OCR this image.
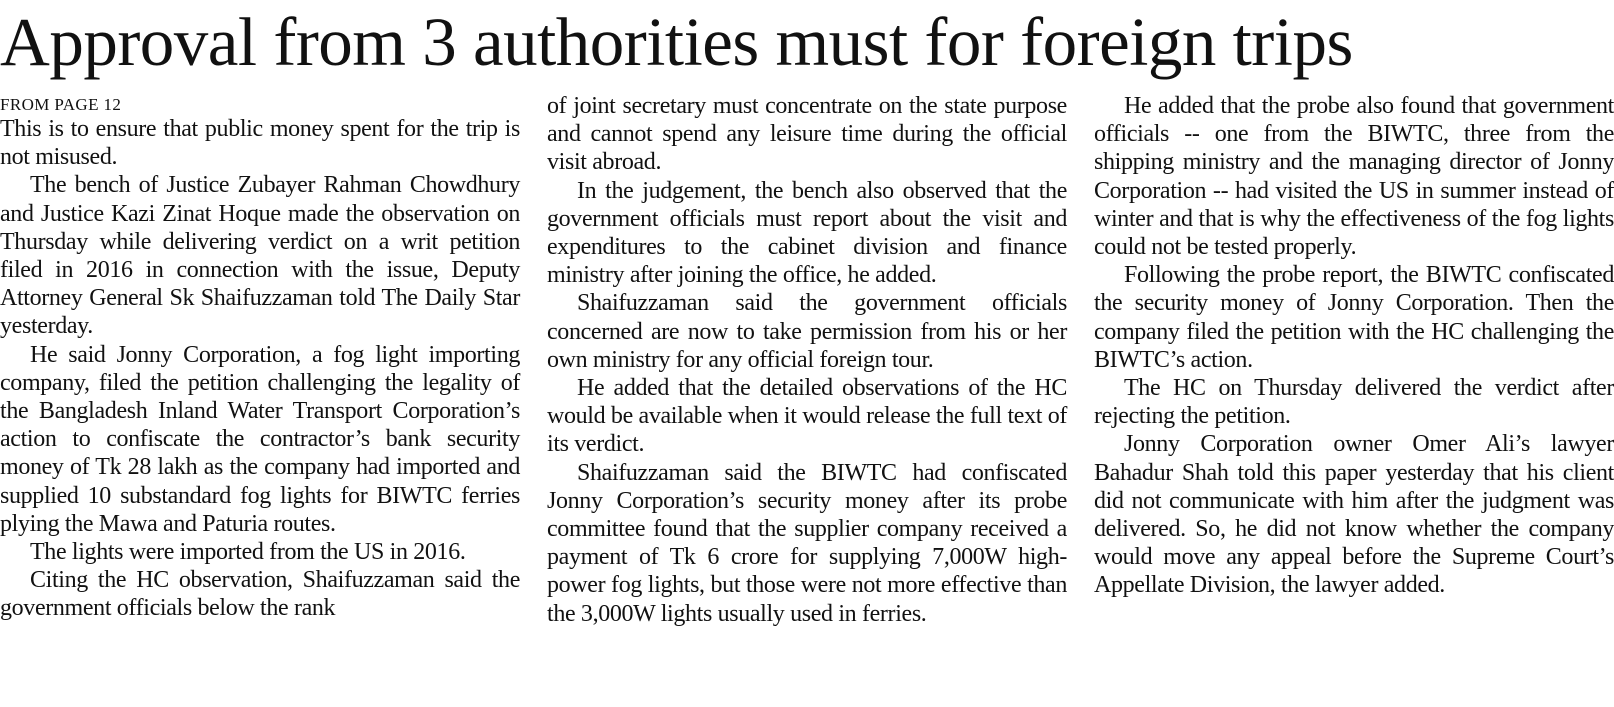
Approval from 3 authorities must for foreign trips
FROM PAGE 12

This is to ensure that public money spent for the trip is not misused.

The bench of Justice Zubayer Rahman Chowdhury and Justice Kazi Zinat Hoque made the observation on Thursday while delivering verdict on a writ petition filed in 2016 in connection with the issue, Deputy Attorney General Sk Shaifuzzaman told The Daily Star yesterday.

He said Jonny Corporation, a fog light importing company, filed the petition challenging the legality of the Bangladesh Inland Water Transport Corporation’s action to confiscate the contractor’s bank security money of Tk 28 lakh as the company had imported and supplied 10 substandard fog lights for BIWTC ferries plying the Mawa and Paturia routes.

The lights were imported from the US in 2016.

Citing the HC observation, Shaifuzzaman said the government officials below the rank

of joint secretary must concentrate on the state purpose and cannot spend any leisure time during the official visit abroad.

In the judgement, the bench also observed that the government officials must report about the visit and expenditures to the cabinet division and finance ministry after joining the office, he added.

Shaifuzzaman said the government officials concerned are now to take permission from his or her own ministry for any official foreign tour.

He added that the detailed observations of the HC would be available when it would release the full text of its verdict.

Shaifuzzaman said the BIWTC had confiscated Jonny Corporation’s security money after its probe committee found that the supplier company received a payment of Tk 6 crore for supplying 7,000W high-power fog lights, but those were not more effective than the 3,000W lights usually used in ferries.

He added that the probe also found that government officials -- one from the BIWTC, three from the shipping ministry and the managing director of Jonny Corporation -- had visited the US in summer instead of winter and that is why the effectiveness of the fog lights could not be tested properly.

Following the probe report, the BIWTC confiscated the security money of Jonny Corporation. Then the company filed the petition with the HC challenging the BIWTC’s action.

The HC on Thursday delivered the verdict after rejecting the petition.

Jonny Corporation owner Omer Ali’s lawyer Bahadur Shah told this paper yesterday that his client did not communicate with him after the judgment was delivered. So, he did not know whether the company would move any appeal before the Supreme Court’s Appellate Division, the lawyer added.
